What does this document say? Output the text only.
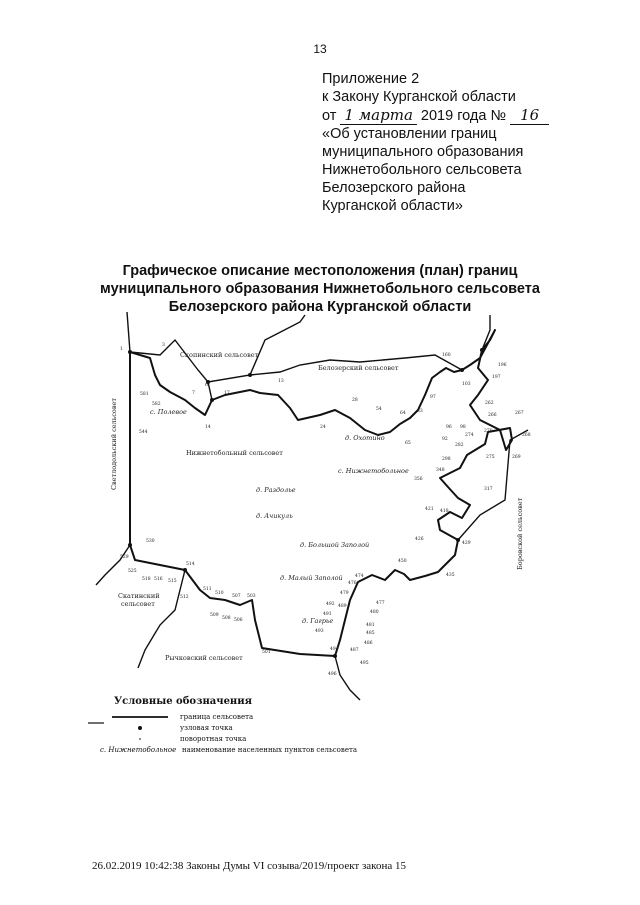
13
Приложение 2
к Закону Курганской области
от 1 марта 2019 года № 16
«Об установлении границ
муниципального образования
Нижнетобольного сельсовета
Белозерского района
Курганской области»
Графическое описание местоположения (план) границ
муниципального образования Нижнетобольного сельсовета
Белозерского района Курганской области
Скопинский сельсовет
Белозерский сельсовет
Светлодольский сельсовет	Нижнетобольный сельсовет
Скатинский
сельсовет
Рычковский сельсовет
Боровской сельсовет
с. Полевое
д. Охотино
с. Нижнетобольное
д. Раздолье
д. Ачикуль
д. Большой Заполой
д. Малый Заполой
д. Гагрье
1
3
6
7
13
14
17
24
28
54
64
65
83
92
96
97
98
103
160
196
197
262
266	267
268
269
270
274
275
282
298
317
348
356
418
421
426
429
435
450
474
476
477
479
480
481
485
486
487
489
491
492
493
494
495
496
501
503
506
507
508
509
510
511
512
514
515
516
518
525
529
530
544
581
582
Условные обозначения
граница сельсовета
узловая точка
поворотная точка
с. Нижнетобольное наименование населенных пунктов сельсовета
26.02.2019 10:42:38 Законы Думы VI созыва/2019/проект закона 15
